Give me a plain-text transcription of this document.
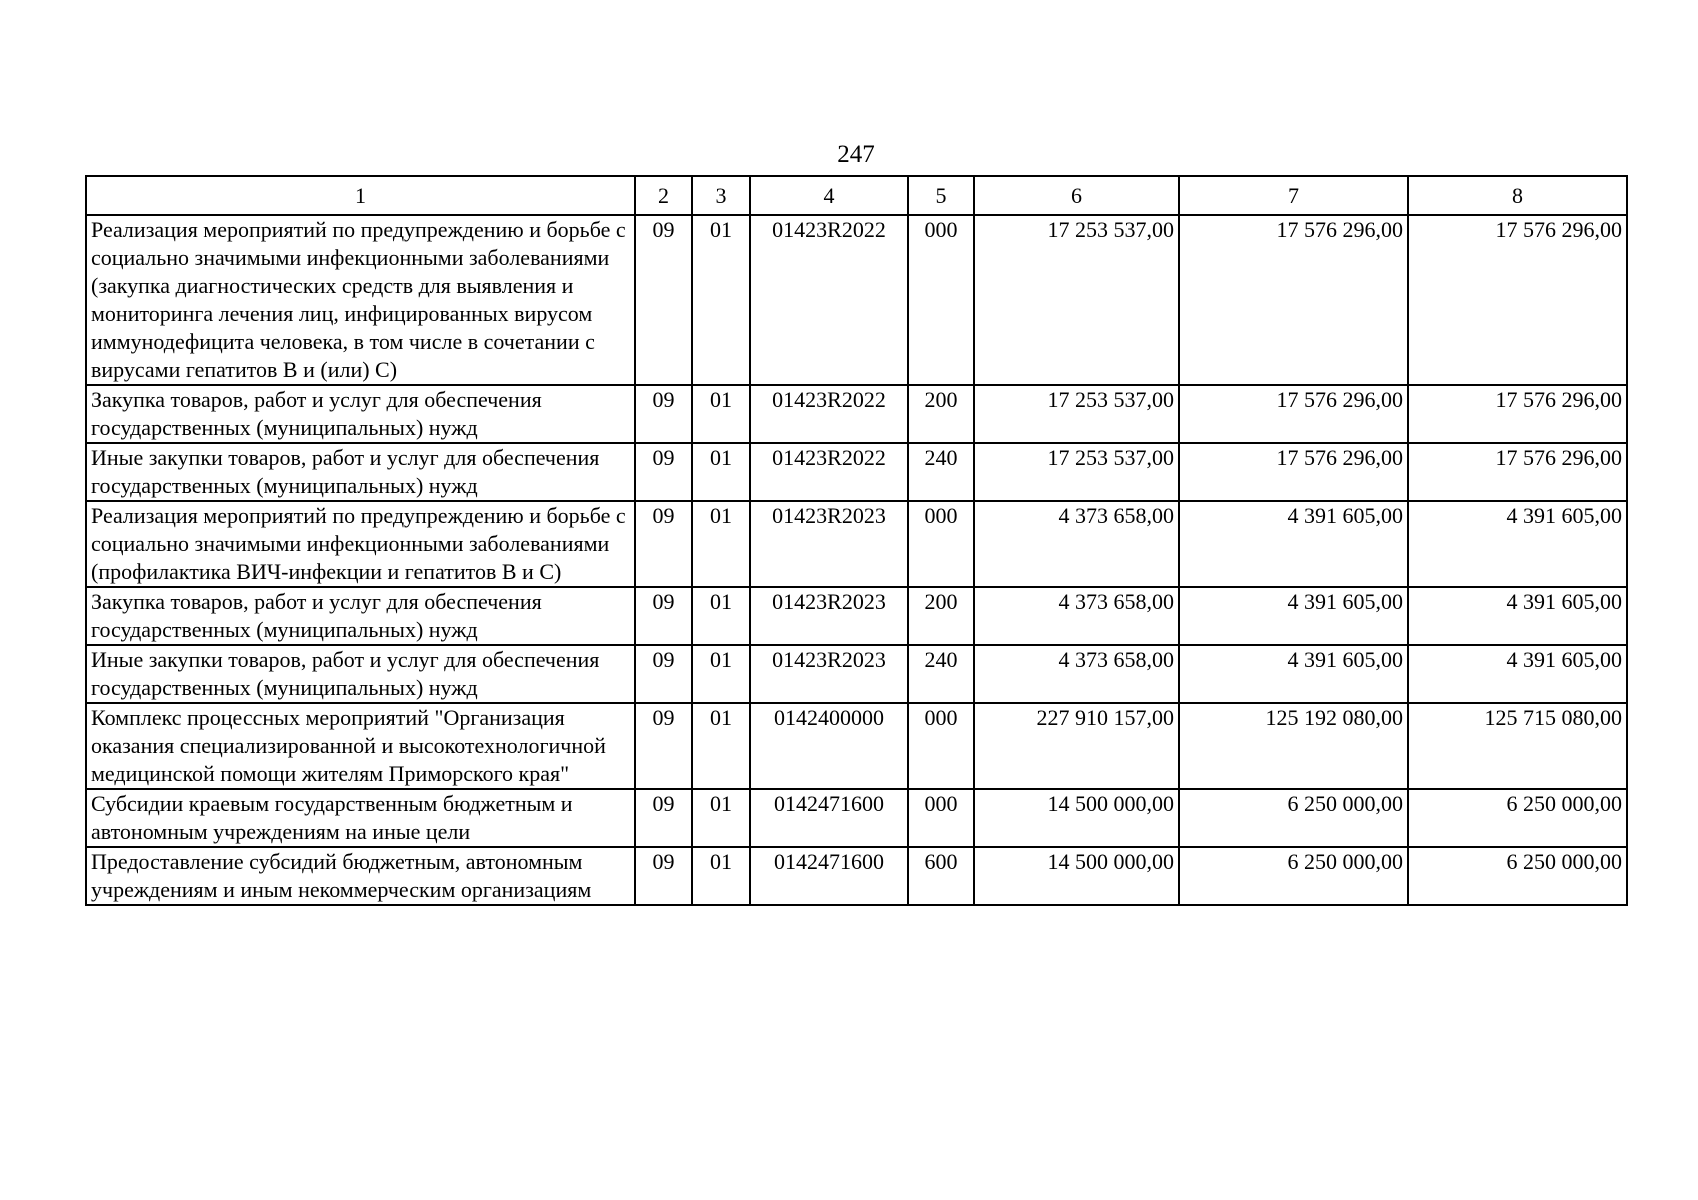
247
1	2	3	4	5	6	7	8
Реализация мероприятий по предупреждению и борьбе с социально значимыми инфекционными заболеваниями (закупка диагностических средств для выявления и мониторинга лечения лиц, инфицированных вирусом иммунодефицита человека, в том числе в сочетании с вирусами гепатитов В и (или) С)	09	01	01423R2022	000	17 253 537,00	17 576 296,00	17 576 296,00
Закупка товаров, работ и услуг для обеспечения государственных (муниципальных) нужд	09	01	01423R2022	200	17 253 537,00	17 576 296,00	17 576 296,00
Иные закупки товаров, работ и услуг для обеспечения государственных (муниципальных) нужд	09	01	01423R2022	240	17 253 537,00	17 576 296,00	17 576 296,00
Реализация мероприятий по предупреждению и борьбе с социально значимыми инфекционными заболеваниями (профилактика ВИЧ-инфекции и гепатитов В и С)	09	01	01423R2023	000	4 373 658,00	4 391 605,00	4 391 605,00
Закупка товаров, работ и услуг для обеспечения государственных (муниципальных) нужд	09	01	01423R2023	200	4 373 658,00	4 391 605,00	4 391 605,00
Иные закупки товаров, работ и услуг для обеспечения государственных (муниципальных) нужд	09	01	01423R2023	240	4 373 658,00	4 391 605,00	4 391 605,00
Комплекс процессных мероприятий "Организация оказания специализированной и высокотехнологичной медицинской помощи жителям Приморского края"	09	01	0142400000	000	227 910 157,00	125 192 080,00	125 715 080,00
Субсидии краевым государственным бюджетным и автономным учреждениям на иные цели	09	01	0142471600	000	14 500 000,00	6 250 000,00	6 250 000,00
Предоставление субсидий бюджетным, автономным учреждениям и иным некоммерческим организациям	09	01	0142471600	600	14 500 000,00	6 250 000,00	6 250 000,00
